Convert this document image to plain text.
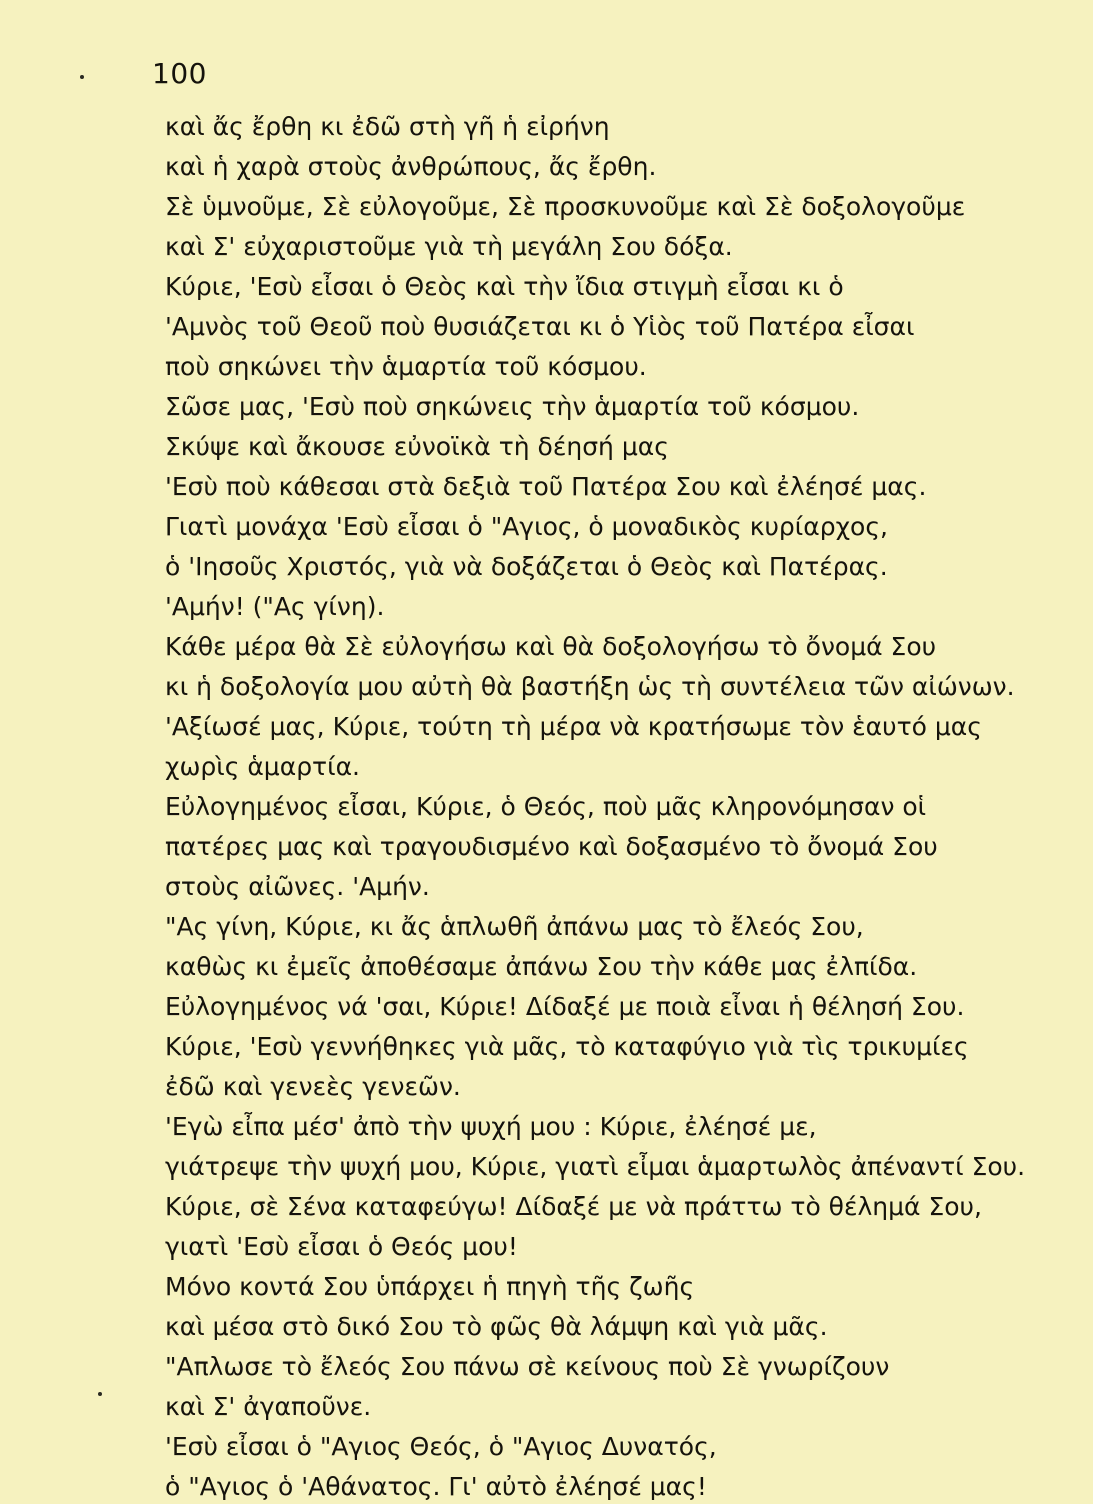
100
καὶ ἄς ἔρθη κι ἐδῶ στὴ γῆ ἡ εἰρήνη
καὶ ἡ χαρὰ στοὺς ἀνθρώπους, ἄς ἔρθη.
Σὲ ὑμνοῦμε, Σὲ εὐλογοῦμε, Σὲ προσκυνοῦμε καὶ Σὲ δοξολογοῦμε
καὶ Σ' εὐχαριστοῦμε γιὰ τὴ μεγάλη Σου δόξα.
Κύριε, 'Εσὺ εἶσαι ὁ Θεὸς καὶ τὴν ἴδια στιγμὴ εἶσαι κι ὁ
'Αμνὸς τοῦ Θεοῦ ποὺ θυσιάζεται κι ὁ Υἱὸς τοῦ Πατέρα εἶσαι
ποὺ σηκώνει τὴν ἁμαρτία τοῦ κόσμου.
Σῶσε μας, 'Εσὺ ποὺ σηκώνεις τὴν ἁμαρτία τοῦ κόσμου.
Σκύψε καὶ ἄκουσε εὐνοϊκὰ τὴ δέησή μας
'Εσὺ ποὺ κάθεσαι στὰ δεξιὰ τοῦ Πατέρα Σου καὶ ἐλέησέ μας.
Γιατὶ μονάχα 'Εσὺ εἶσαι ὁ "Αγιος, ὁ μοναδικὸς κυρίαρχος,
ὁ 'Ιησοῦς Χριστός, γιὰ νὰ δοξάζεται ὁ Θεὸς καὶ Πατέρας.
'Αμήν! ("Ας γίνη).
Κάθε μέρα θὰ Σὲ εὐλογήσω καὶ θὰ δοξολογήσω τὸ ὄνομά Σου
κι ἡ δοξολογία μου αὐτὴ θὰ βαστήξη ὡς τὴ συντέλεια τῶν αἰώνων.
'Αξίωσέ μας, Κύριε, τούτη τὴ μέρα νὰ κρατήσωμε τὸν ἑαυτό μας
χωρὶς ἁμαρτία.
Εὐλογημένος εἶσαι, Κύριε, ὁ Θεός, ποὺ μᾶς κληρονόμησαν οἱ
πατέρες μας καὶ τραγουδισμένο καὶ δοξασμένο τὸ ὄνομά Σου
στοὺς αἰῶνες. 'Αμήν.
"Ας γίνη, Κύριε, κι ἄς ἁπλωθῆ ἀπάνω μας τὸ ἔλεός Σου,
καθὼς κι ἐμεῖς ἀποθέσαμε ἀπάνω Σου τὴν κάθε μας ἐλπίδα.
Εὐλογημένος νά 'σαι, Κύριε! Δίδαξέ με ποιὰ εἶναι ἡ θέλησή Σου.
Κύριε, 'Εσὺ γεννήθηκες γιὰ μᾶς, τὸ καταφύγιο γιὰ τὶς τρικυμίες
ἐδῶ καὶ γενεὲς γενεῶν.
'Εγὼ εἶπα μέσ' ἀπὸ τὴν ψυχή μου : Κύριε, ἐλέησέ με,
γιάτρεψε τὴν ψυχή μου, Κύριε, γιατὶ εἶμαι ἁμαρτωλὸς ἀπέναντί Σου.
Κύριε, σὲ Σένα καταφεύγω! Δίδαξέ με νὰ πράττω τὸ θέλημά Σου,
γιατὶ 'Εσὺ εἶσαι ὁ Θεός μου!
Μόνο κοντά Σου ὑπάρχει ἡ πηγὴ τῆς ζωῆς
καὶ μέσα στὸ δικό Σου τὸ φῶς θὰ λάμψη καὶ γιὰ μᾶς.
"Απλωσε τὸ ἔλεός Σου πάνω σὲ κείνους ποὺ Σὲ γνωρίζουν
καὶ Σ' ἀγαποῦνε.
'Εσὺ εἶσαι ὁ "Αγιος Θεός, ὁ "Αγιος Δυνατός,
ὁ "Αγιος ὁ 'Αθάνατος. Γι' αὐτὸ ἐλέησέ μας!
